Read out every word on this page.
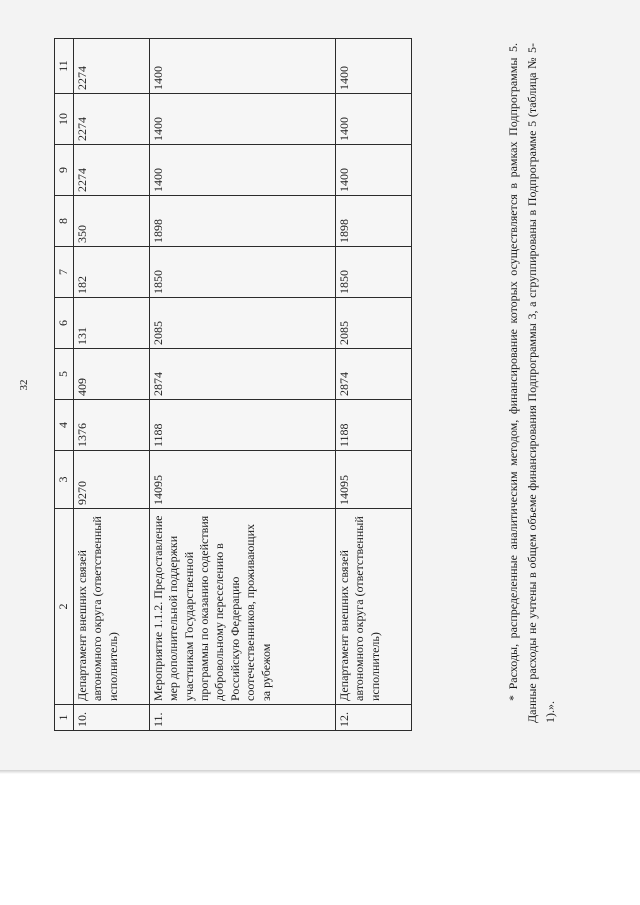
32
1	2	3	4	5	6	7	8	9	10	11
10.	Департамент внешних связей автономного округа (ответственный исполнитель)	9270	1376	409	131	182	350	2274	2274	2274
11.	Мероприятие 1.1.2. Предоставление мер дополнительной поддержки участникам Государственной программы по оказанию содействия добровольному переселению в Российскую Федерацию соотечественников, проживающих за рубежом	14095	1188	2874	2085	1850	1898	1400	1400	1400
12.	Департамент внешних связей автономного округа (ответственный исполнитель)	14095	1188	2874	2085	1850	1898	1400	1400	1400	* Расходы, распределенные аналитическим методом, финансирование которых осуществляется в рамках Подпрограммы 5. Данные расходы не учтены в общем объеме финансирования Подпрограммы 3, а сгруппированы в Подпрограмме 5 (таблица № 5-1).».
